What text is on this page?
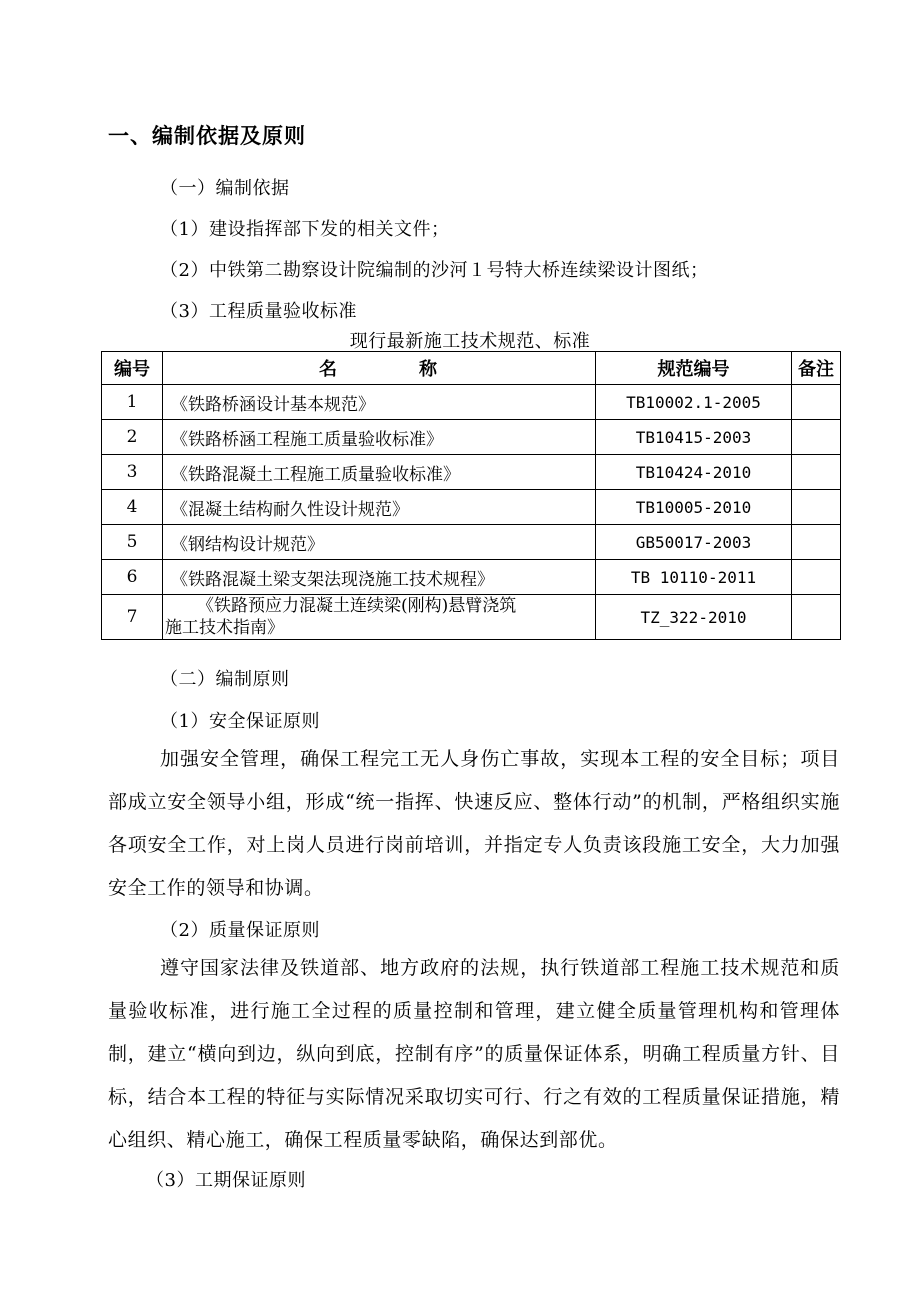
一、编制依据及原则
（一）编制依据
（1）建设指挥部下发的相关文件；
（2）中铁第二勘察设计院编制的沙河１号特大桥连续梁设计图纸；
（3）工程质量验收标准
现行最新施工技术规范、标准
编号	名　　　　称	规范编号	备注
1	《铁路桥涵设计基本规范》	TB10002.1-2005	
2	《铁路桥涵工程施工质量验收标准》	TB10415-2003	
3	《铁路混凝土工程施工质量验收标准》	TB10424-2010	
4	《混凝土结构耐久性设计规范》	TB10005-2010	
5	《钢结构设计规范》	GB50017-2003	
6	《铁路混凝土梁支架法现浇施工技术规程》	TB 10110-2011	
7	《铁路预应力混凝土连续梁(刚构)悬臂浇筑
施工技术指南》	TZ_322-2010	
（二）编制原则
（1）安全保证原则
加强安全管理，确保工程完工无人身伤亡事故，实现本工程的安全目标；项目部成立安全领导小组，形成“统一指挥、快速反应、整体行动”的机制，严格组织实施各项安全工作，对上岗人员进行岗前培训，并指定专人负责该段施工安全，大力加强安全工作的领导和协调。
（2）质量保证原则
遵守国家法律及铁道部、地方政府的法规，执行铁道部工程施工技术规范和质量验收标准，进行施工全过程的质量控制和管理，建立健全质量管理机构和管理体制，建立“横向到边，纵向到底，控制有序”的质量保证体系，明确工程质量方针、目标，结合本工程的特征与实际情况采取切实可行、行之有效的工程质量保证措施，精心组织、精心施工，确保工程质量零缺陷，确保达到部优。
（3）工期保证原则
